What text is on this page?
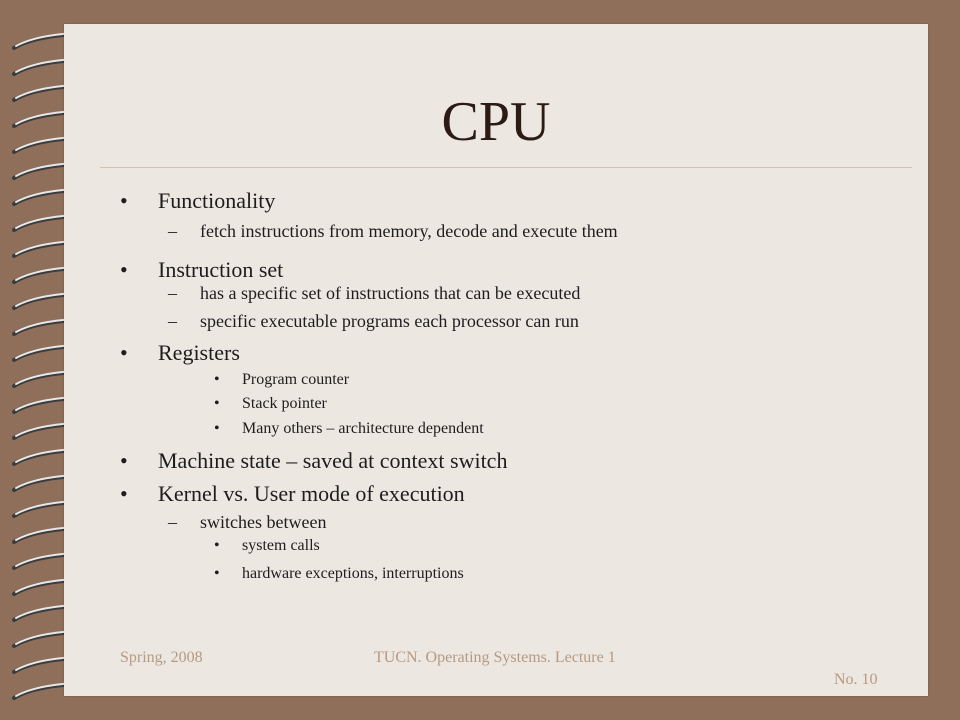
CPU
• Functionality
– fetch instructions from memory, decode and execute them
• Instruction set
– has a specific set of instructions that can be executed
– specific executable programs each processor can run
• Registers
• Program counter
• Stack pointer
• Many others – architecture dependent
• Machine state – saved at context switch
• Kernel vs. User mode of execution
– switches between
• system calls
• hardware exceptions, interruptions
Spring, 2008	TUCN. Operating Systems. Lecture 1
No. 10
